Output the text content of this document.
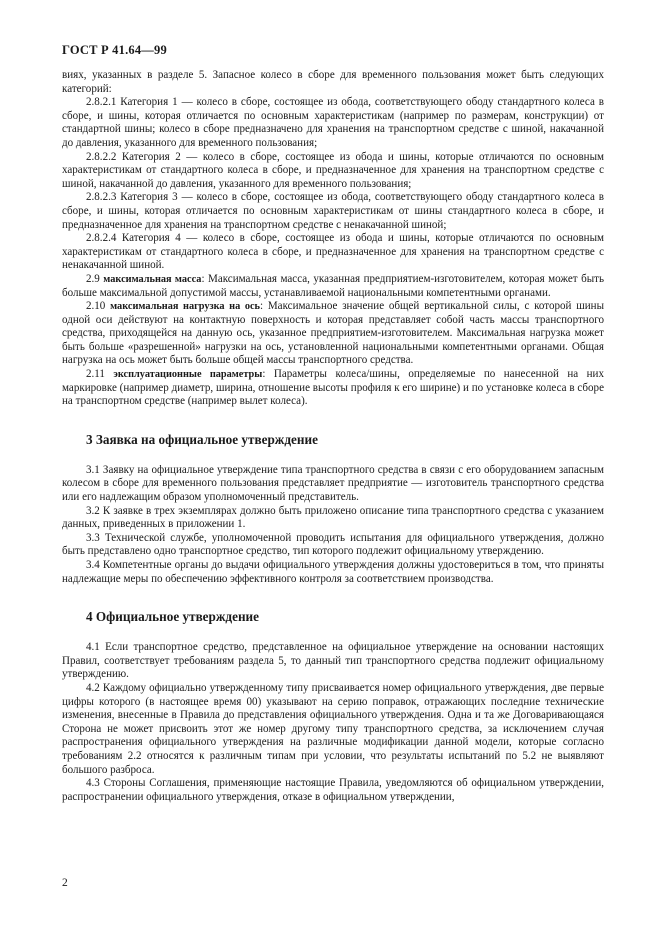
ГОСТ Р 41.64—99

виях, указанных в разделе 5. Запасное колесо в сборе для временного пользования может быть следующих категорий:

2.8.2.1 Категория 1 — колесо в сборе, состоящее из обода, соответствующего ободу стандартного колеса в сборе, и шины, которая отличается по основным характеристикам (например по размерам, конструкции) от стандартной шины; колесо в сборе предназначено для хранения на транспортном средстве с шиной, накачанной до давления, указанного для временного пользования;

2.8.2.2 Категория 2 — колесо в сборе, состоящее из обода и шины, которые отличаются по основным характеристикам от стандартного колеса в сборе, и предназначенное для хранения на транспортном средстве с шиной, накачанной до давления, указанного для временного пользования;

2.8.2.3 Категория 3 — колесо в сборе, состоящее из обода, соответствующего ободу стандартного колеса в сборе, и шины, которая отличается по основным характеристикам от шины стандартного колеса в сборе, и предназначенное для хранения на транспортном средстве с ненакачанной шиной;

2.8.2.4 Категория 4 — колесо в сборе, состоящее из обода и шины, которые отличаются по основным характеристикам от стандартного колеса в сборе, и предназначенное для хранения на транспортном средстве с ненакачанной шиной.

2.9 максимальная масса: Максимальная масса, указанная предприятием-изготовителем, которая может быть больше максимальной допустимой массы, устанавливаемой национальными компетентными органами.

2.10 максимальная нагрузка на ось: Максимальное значение общей вертикальной силы, с которой шины одной оси действуют на контактную поверхность и которая представляет собой часть массы транспортного средства, приходящейся на данную ось, указанное предприятием-изготовителем. Максимальная нагрузка может быть больше «разрешенной» нагрузки на ось, установленной национальными компетентными органами. Общая нагрузка на ось может быть больше общей массы транспортного средства.

2.11 эксплуатационные параметры: Параметры колеса/шины, определяемые по нанесенной на них маркировке (например диаметр, ширина, отношение высоты профиля к его ширине) и по установке колеса в сборе на транспортном средстве (например вылет колеса).

3 Заявка на официальное утверждение

3.1 Заявку на официальное утверждение типа транспортного средства в связи с его оборудованием запасным колесом в сборе для временного пользования представляет предприятие — изготовитель транспортного средства или его надлежащим образом уполномоченный представитель.

3.2 К заявке в трех экземплярах должно быть приложено описание типа транспортного средства с указанием данных, приведенных в приложении 1.

3.3 Технической службе, уполномоченной проводить испытания для официального утверждения, должно быть представлено одно транспортное средство, тип которого подлежит официальному утверждению.

3.4 Компетентные органы до выдачи официального утверждения должны удостовериться в том, что приняты надлежащие меры по обеспечению эффективного контроля за соответствием производства.

4 Официальное утверждение

4.1 Если транспортное средство, представленное на официальное утверждение на основании настоящих Правил, соответствует требованиям раздела 5, то данный тип транспортного средства подлежит официальному утверждению.

4.2 Каждому официально утвержденному типу присваивается номер официального утверждения, две первые цифры которого (в настоящее время 00) указывают на серию поправок, отражающих последние технические изменения, внесенные в Правила до представления официального утверждения. Одна и та же Договаривающаяся Сторона не может присвоить этот же номер другому типу транспортного средства, за исключением случая распространения официального утверждения на различные модификации данной модели, которые согласно требованиям 2.2 относятся к различным типам при условии, что результаты испытаний по 5.2 не выявляют большого разброса.

4.3 Стороны Соглашения, применяющие настоящие Правила, уведомляются об официальном утверждении, распространении официального утверждения, отказе в официальном утверждении,

2
